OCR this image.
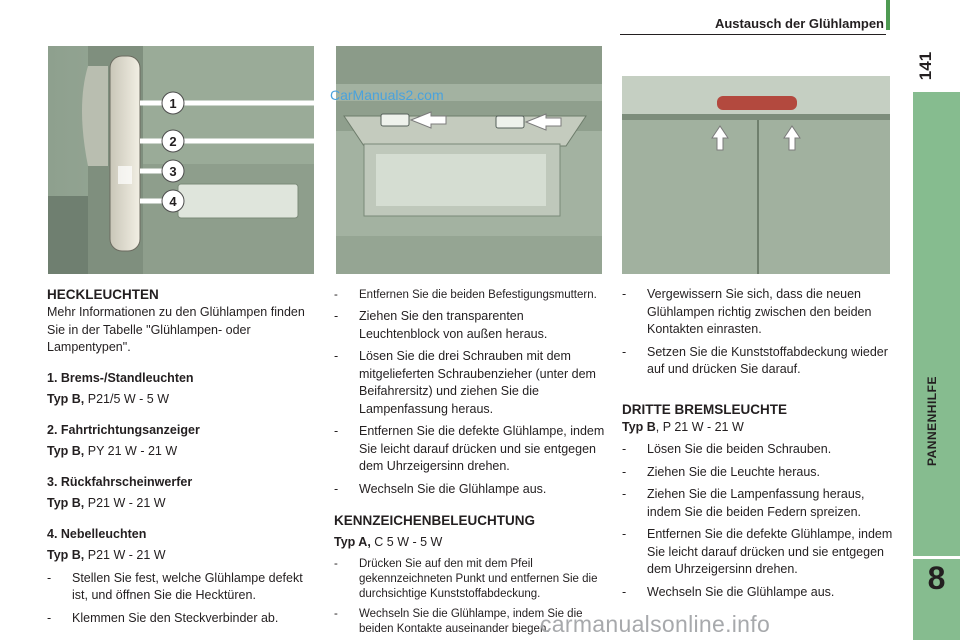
Austausch der Glühlampen
141
PANNENHILFE
8
1
2
3
4
CarManuals2.com
HECKLEUCHTEN
Mehr Informationen zu den Glühlampen finden Sie in der Tabelle "Glühlampen- oder Lampentypen".
1. Brems-/Standleuchten
Typ B, P21/5 W - 5 W
2. Fahrtrichtungsanzeiger
Typ B, PY 21 W - 21 W
3. Rückfahrscheinwerfer
Typ B, P21 W - 21 W
4. Nebelleuchten
Typ B, P21 W - 21 W
- Stellen Sie fest, welche Glühlampe defekt ist, und öffnen Sie die Hecktüren.
- Klemmen Sie den Steckverbinder ab.
- Entfernen Sie die beiden Befestigungsmuttern.
- Ziehen Sie den transparenten Leuchtenblock von außen heraus.
- Lösen Sie die drei Schrauben mit dem mitgelieferten Schraubenzieher (unter dem Beifahrersitz) und ziehen Sie die Lampenfassung heraus.
- Entfernen Sie die defekte Glühlampe, indem Sie leicht darauf drücken und sie entgegen dem Uhrzeigersinn drehen.
- Wechseln Sie die Glühlampe aus.
KENNZEICHENBELEUCHTUNG
Typ A, C 5 W - 5 W
- Drücken Sie auf den mit dem Pfeil gekennzeichneten Punkt und entfernen Sie die durchsichtige Kunststoffabdeckung.
- Wechseln Sie die Glühlampe, indem Sie die beiden Kontakte auseinander biegen.
- Vergewissern Sie sich, dass die neuen Glühlampen richtig zwischen den beiden Kontakten einrasten.
- Setzen Sie die Kunststoffabdeckung wieder auf und drücken Sie darauf.
DRITTE BREMSLEUCHTE
Typ B, P 21 W - 21 W
- Lösen Sie die beiden Schrauben.
- Ziehen Sie die Leuchte heraus.
- Ziehen Sie die Lampenfassung heraus, indem Sie die beiden Federn spreizen.
- Entfernen Sie die defekte Glühlampe, indem Sie leicht darauf drücken und sie entgegen dem Uhrzeigersinn drehen.
- Wechseln Sie die Glühlampe aus.
carmanualsonline.info
